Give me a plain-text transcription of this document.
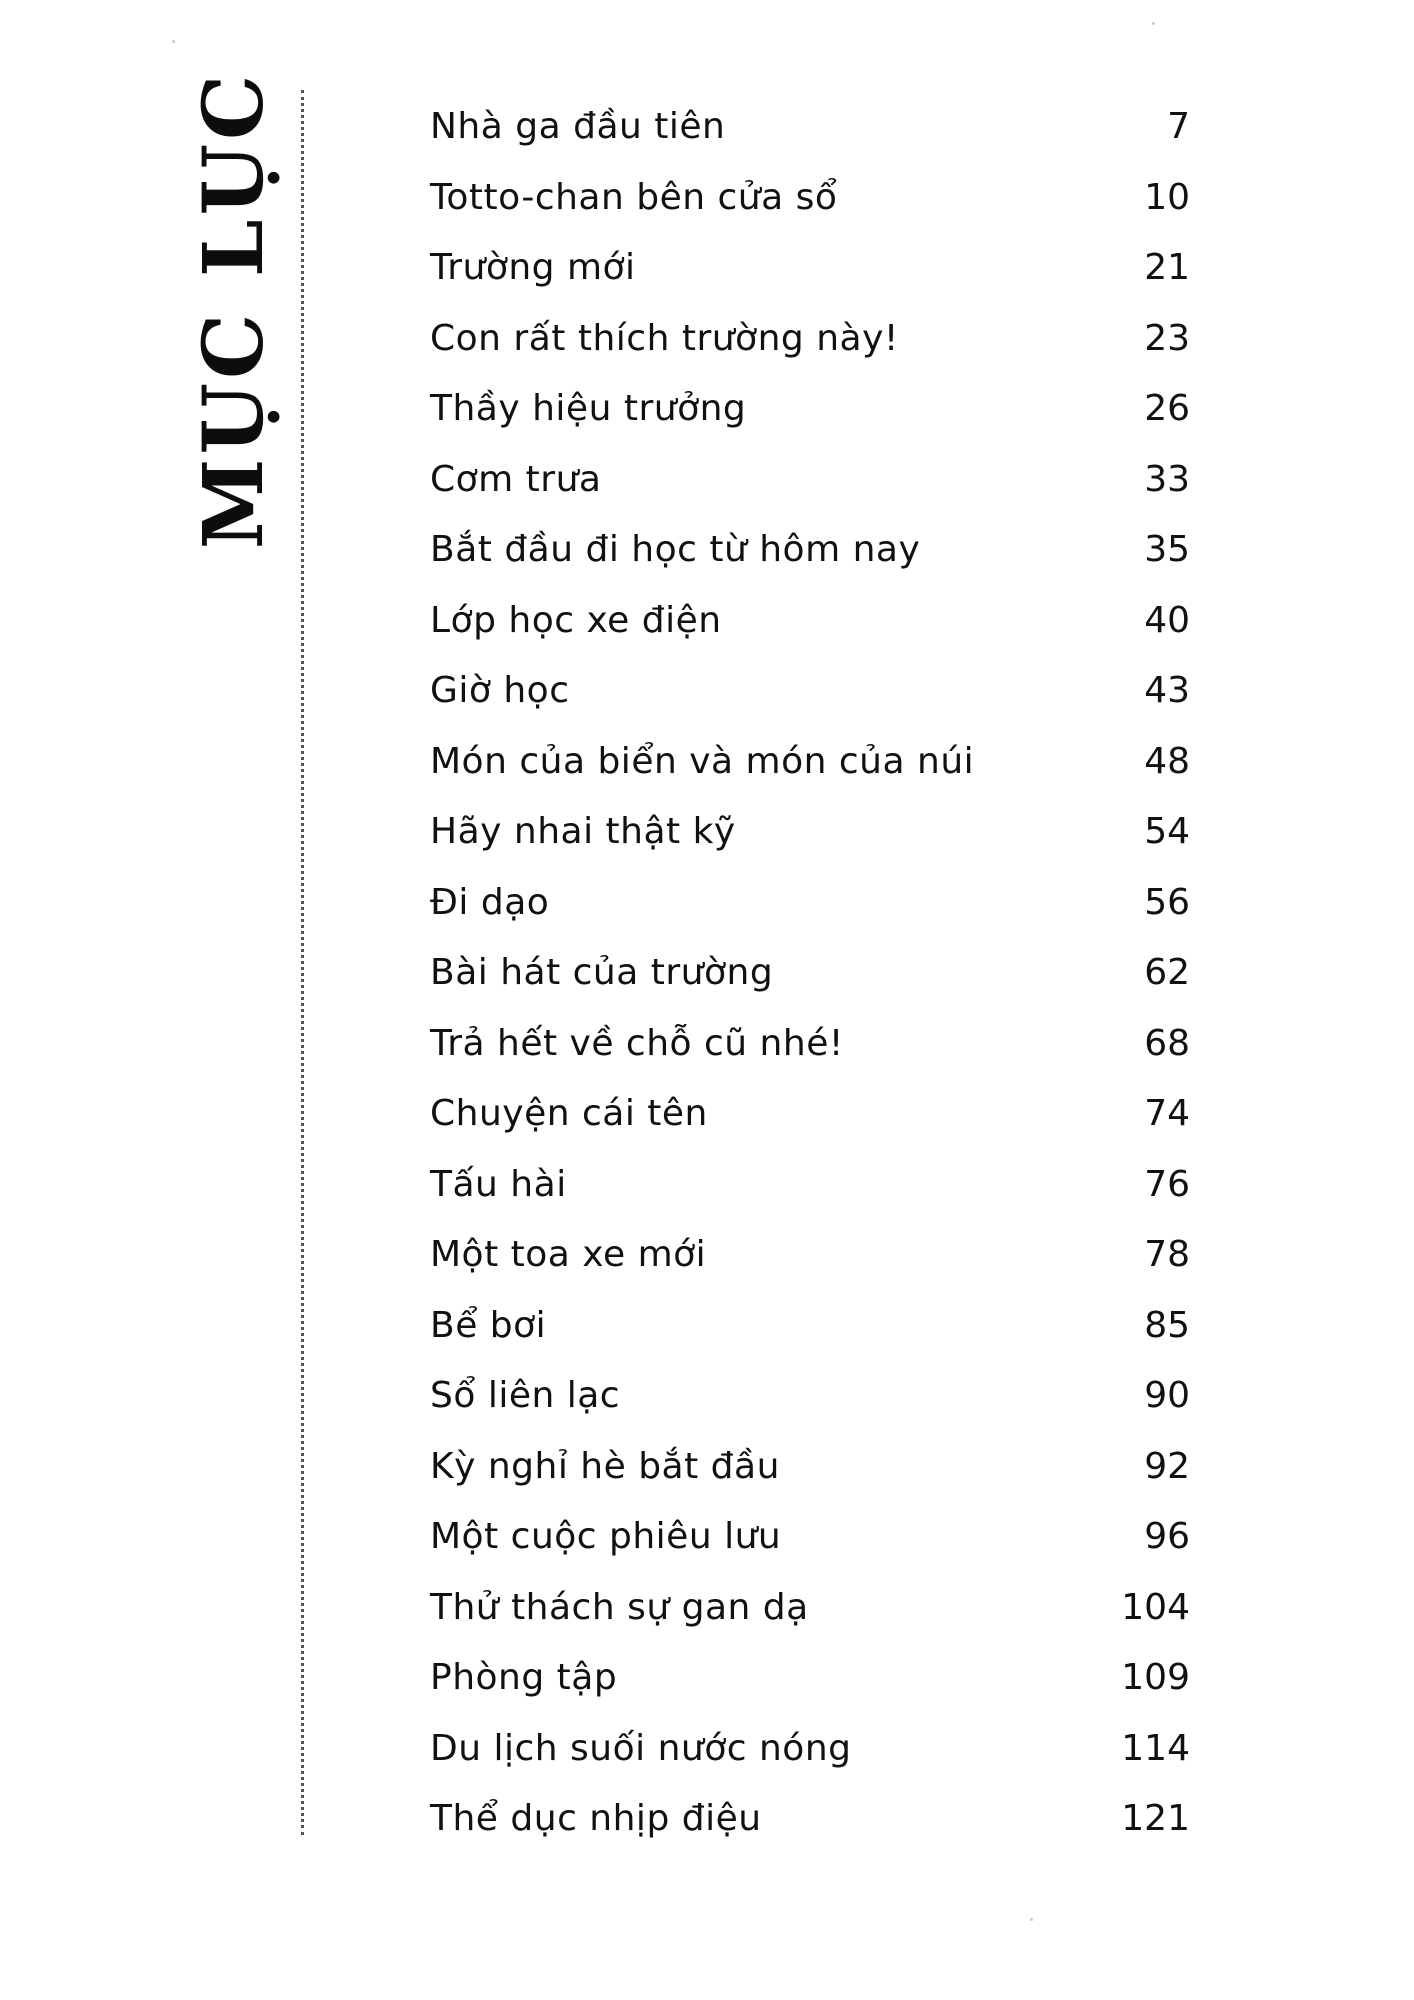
MỤC LỤC	Nhà ga đầu tiên	7
Totto-chan bên cửa sổ	10
Trường mới	21
Con rất thích trường này!	23
Thầy hiệu trưởng	26
Cơm trưa	33
Bắt đầu đi học từ hôm nay	35
Lớp học xe điện	40
Giờ học	43
Món của biển và món của núi	48
Hãy nhai thật kỹ	54
Đi dạo	56
Bài hát của trường	62
Trả hết về chỗ cũ nhé!	68
Chuyện cái tên	74
Tấu hài	76
Một toa xe mới	78
Bể bơi	85
Sổ liên lạc	90
Kỳ nghỉ hè bắt đầu	92
Một cuộc phiêu lưu	96
Thử thách sự gan dạ	104
Phòng tập	109
Du lịch suối nước nóng	114
Thể dục nhịp điệu	121
